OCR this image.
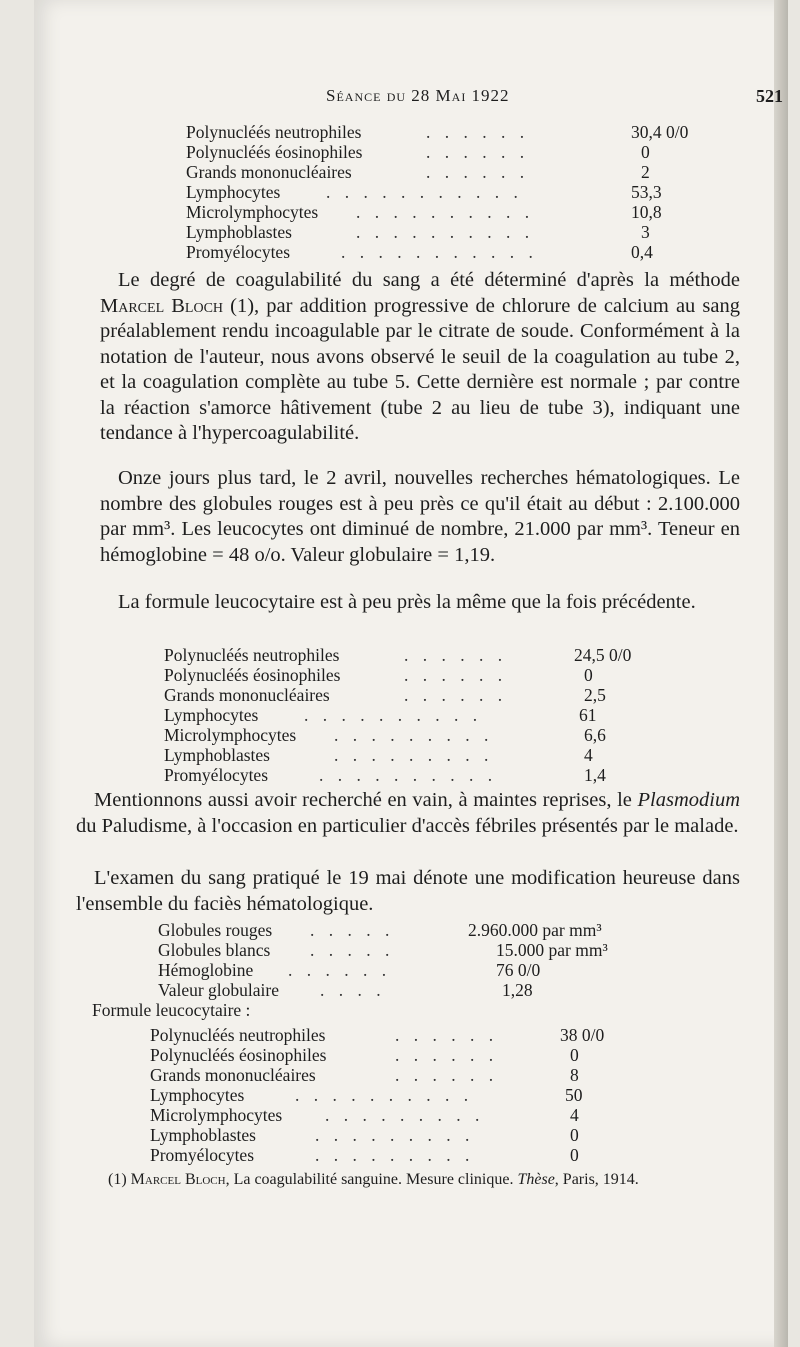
Séance du 28 Mai 1922	521
Polynucléés neutrophiles	. . . . . .	30,4 0/0
Polynucléés éosinophiles	. . . . . .	0
Grands mononucléaires	. . . . . .	2
Lymphocytes	. . . . . . . . . . .	53,3
Microlymphocytes . . . . . . . . . .	10,8
Lymphoblastes	. . . . . . . . . .	3
Promyélocytes	. . . . . . . . . . .	0,4

Le degré de coagulabilité du sang a été déterminé d'après la méthode Marcel Bloch (1), par addition progressive de chlorure de calcium au sang préalablement rendu incoagulable par le citrate de soude. Conformément à la notation de l'auteur, nous avons observé le seuil de la coagulation au tube 2, et la coagulation complète au tube 5. Cette dernière est normale ; par contre la réaction s'amorce hâtivement (tube 2 au lieu de tube 3), indiquant une tendance à l'hypercoagulabilité.

Onze jours plus tard, le 2 avril, nouvelles recherches hématologiques. Le nombre des globules rouges est à peu près ce qu'il était au début : 2.100.000 par mm³. Les leucocytes ont diminué de nombre, 21.000 par mm³. Teneur en hémoglobine = 48 o/o. Valeur globulaire = 1,19.

La formule leucocytaire est à peu près la même que la fois précédente.

Polynucléés neutrophiles	. . . . . .	24,5 0/0
Polynucléés éosinophiles	. . . . . .	0
Grands mononucléaires	. . . . . .	2,5
Lymphocytes	. . . . . . . . . .	61
Microlymphocytes . . . . . . . . .	6,6
Lymphoblastes	. . . . . . . . .	4
Promyélocytes	. . . . . . . . . .	1,4

Mentionnons aussi avoir recherché en vain, à maintes reprises, le Plasmodium du Paludisme, à l'occasion en particulier d'accès fébriles présentés par le malade.

L'examen du sang pratiqué le 19 mai dénote une modification heureuse dans l'ensemble du faciès hématologique.

Globules rouges . . . . .	2.960.000 par mm³
Globules blancs . . . . .	15.000 par mm³
Hémoglobine . . . . . .	76 0/0
Valeur globulaire . . . .	1,28
Formule leucocytaire :
Polynucléés neutrophiles	. . . . . .	38 0/0
Polynucléés éosinophiles	. . . . . .	0
Grands mononucléaires	. . . . . .	8
Lymphocytes	. . . . . . . . . .	50
Microlymphocytes . . . . . . . . .	4
Lymphoblastes	. . . . . . . . .	0
Promyélocytes	. . . . . . . . .	0
(1) Marcel Bloch, La coagulabilité sanguine. Mesure clinique. Thèse, Paris, 1914.
